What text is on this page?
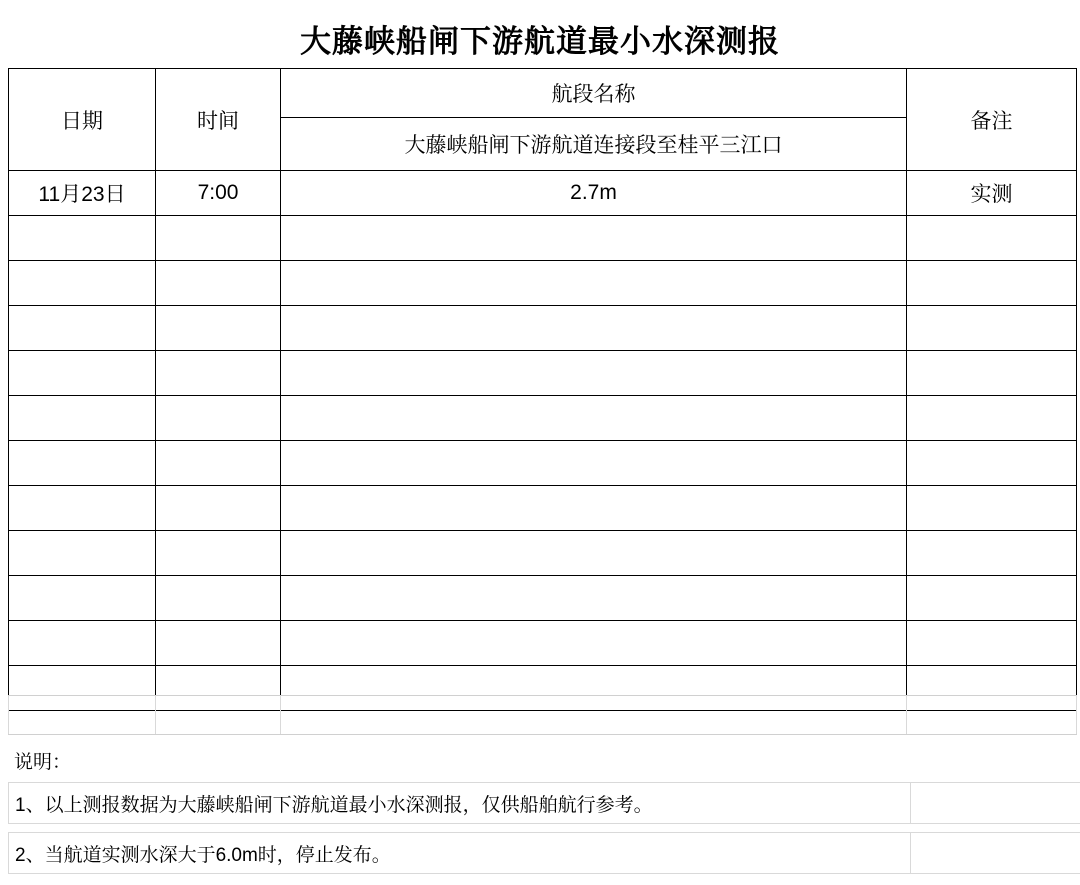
大藤峡船闸下游航道最小水深测报
日期	时间	航段名称	备注
		大藤峡船闸下游航道连接段至桂平三江口	
11月23日	7:00	2.7m	实测

说明：
1、以上测报数据为大藤峡船闸下游航道最小水深测报，仅供船舶航行参考。	
2、当航道实测水深大于6.0m时，停止发布。	
